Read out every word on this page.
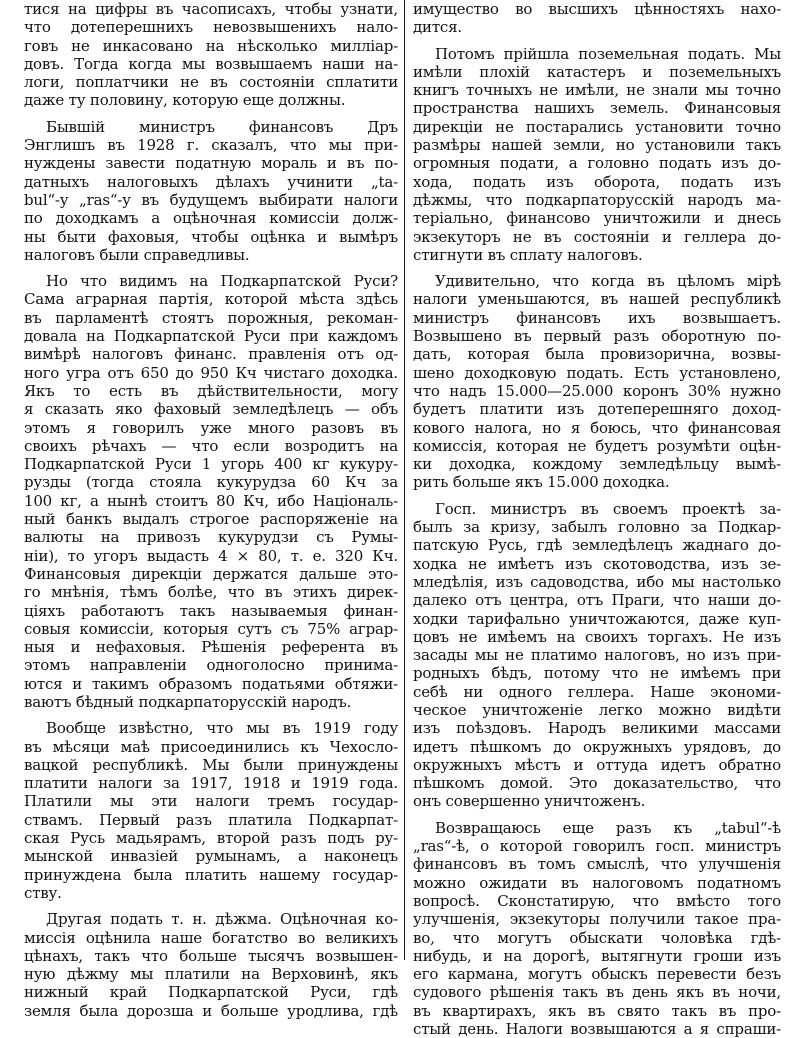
тися на цифры въ часописахъ, чтобы узнати,
что дотеперешнихъ невозвышенихъ нало-
говъ не инкасовано на нѣсколько милліар-
довъ. Тогда когда мы возвышаемъ наши на-
логи, поплатчики не въ состояніи сплатити
даже ту половину, которую еще должны.
Бывшій министръ финансовъ Дръ
Энглишъ въ 1928 г. сказалъ, что мы при-
нуждены завести податную мораль и въ по-
датныхъ налоговыхъ дѣлахъ учинити „ta-
bul“-у „ras“-у въ будущемъ выбирати налоги
по доходкамъ а оцѣночная комиссіи долж-
ны быти фаховыя, чтобы оцѣнка и вымѣръ
налоговъ были справедливы.
Но что видимъ на Подкарпатской Руси?
Сама аграрная партія, которой мѣста здѣсь
въ парламентѣ стоятъ порожныя, рекоман-
довала на Подкарпатской Руси при каждомъ
вимѣрѣ налоговъ финанс. правленія отъ од-
ного угра отъ 650 до 950 Кч чистаго доходка.
Якъ то есть въ дѣйствительности, могу
я сказать яко фаховый земледѣлецъ — объ
этомъ я говорилъ уже много разовъ въ
своихъ рѣчахъ — что если возродитъ на
Подкарпатской Руси 1 угорь 400 кг кукуру-
рузды (тогда стояла кукурудза 60 Кч за
100 кг, а нынѣ стоитъ 80 Кч, ибо Національ-
ный банкъ выдалъ строгое распоряженіе на
валюты на привозъ кукурудзи съ Румы-
ніи), то угоръ выдасть 4 × 80, т. е. 320 Кч.
Финансовыя дирекціи держатся дальше это-
го мнѣнія, тѣмъ болѣе, что въ этихъ дирек-
ціяхъ работаютъ такъ называемыя финан-
совыя комиссіи, которыя сутъ съ 75% аграр-
ныя и нефаховыя. Рѣшенія референта въ
этомъ направленіи одноголосно принима-
ются и такимъ образомъ податьями обтяжи-
ваютъ бѣдный подкарпаторусскій народъ.
Вообще извѣстно, что мы въ 1919 году
въ мѣсяци маѣ присоединились къ Чехосло-
вацкой республикѣ. Мы были принуждены
платити налоги за 1917, 1918 и 1919 года.
Платили мы эти налоги тремъ государ-
ствамъ. Первый разъ платила Подкарпат-
ская Русь мадьярамъ, второй разъ подъ ру-
мынской инвазіей румынамъ, а наконецъ
принуждена была платить нашему государ-
ству.
Другая подать т. н. дѣжма. Оцѣночная ко-
миссія оцѣнила наше богатство во великихъ
цѣнахъ, такъ что больше тысячъ возвышен-
ную дѣжму мы платили на Верховинѣ, якъ
нижный край Подкарпатской Руси, гдѣ
земля была дорозша и больше уродлива, гдѣ
имущество во высшихъ цѣнностяхъ нахо-
дится.
Потомъ прійшла поземельная подать. Мы
имѣли плохій катастеръ и поземельныхъ
книгъ точныхъ не имѣли, не знали мы точно
пространства нашихъ земель. Финансовыя
дирекціи не постарались установити точно
размѣры нашей земли, но установили такъ
огромныя подати, а головно подать изъ до-
хода, подать изъ оборота, подать изъ
дѣжмы, что подкарпаторусскій народъ ма-
теріально, финансово уничтожили и днесь
экзекуторъ не въ состояніи и геллера до-
стигнути въ сплату налоговъ.
Удивительно, что когда въ цѣломъ мірѣ
налоги уменьшаются, въ нашей республикѣ
министръ финансовъ ихъ возвышаетъ.
Возвышено въ первый разъ оборотную по-
дать, которая была провизорична, возвы-
шено доходковую подать. Есть установлено,
что надъ 15.000—25.000 коронъ 30% нужно
будетъ платити изъ дотеперешняго доход-
кового налога, но я боюсь, что финансовая
комиссія, которая не будетъ розумѣти оцѣн-
ки доходка, кождому земледѣльцу вымѣ-
рить больше якъ 15.000 доходка.
Госп. министръ въ своемъ проектѣ за-
былъ за кризу, забылъ головно за Подкар-
патскую Русь, гдѣ земледѣлецъ жаднаго до-
ходка не имѣетъ изъ скотоводства, изъ зе-
мледѣлія, изъ садоводства, ибо мы настолько
далеко отъ центра, отъ Праги, что наши до-
ходки тарифально уничтожаются, даже куп-
цовъ не имѣемъ на своихъ торгахъ. Не изъ
засады мы не платимо налоговъ, но изъ при-
родныхъ бѣдъ, потому что не имѣемъ при
себѣ ни одного геллера. Наше экономи-
ческое уничтоженіе легко можно видѣти
изъ поѣздовъ. Народъ великими массами
идетъ пѣшкомъ до окружныхъ урядовъ, до
окружныхъ мѣстъ и оттуда идетъ обратно
пѣшкомъ домой. Это доказательство, что
онъ совершенно уничтоженъ.
Возвращаюсь еще разъ къ „tabul“-ѣ
„ras“-ѣ, о которой говорилъ госп. министръ
финансовъ въ томъ смыслѣ, что улучшенія
можно ожидати въ налоговомъ податномъ
вопросѣ. Сконстатирую, что вмѣсто того
улучшенія, экзекуторы получили такое пра-
во, что могутъ обыскати чоловѣка гдѣ-
нибудь, и на дорогѣ, вытягнути гроши изъ
его кармана, могутъ обыскъ перевести безъ
судового рѣшенія такъ въ день якъ въ ночи,
въ квартирахъ, якъ въ свято такъ въ про-
стый день. Налоги возвышаются а я спраши-
